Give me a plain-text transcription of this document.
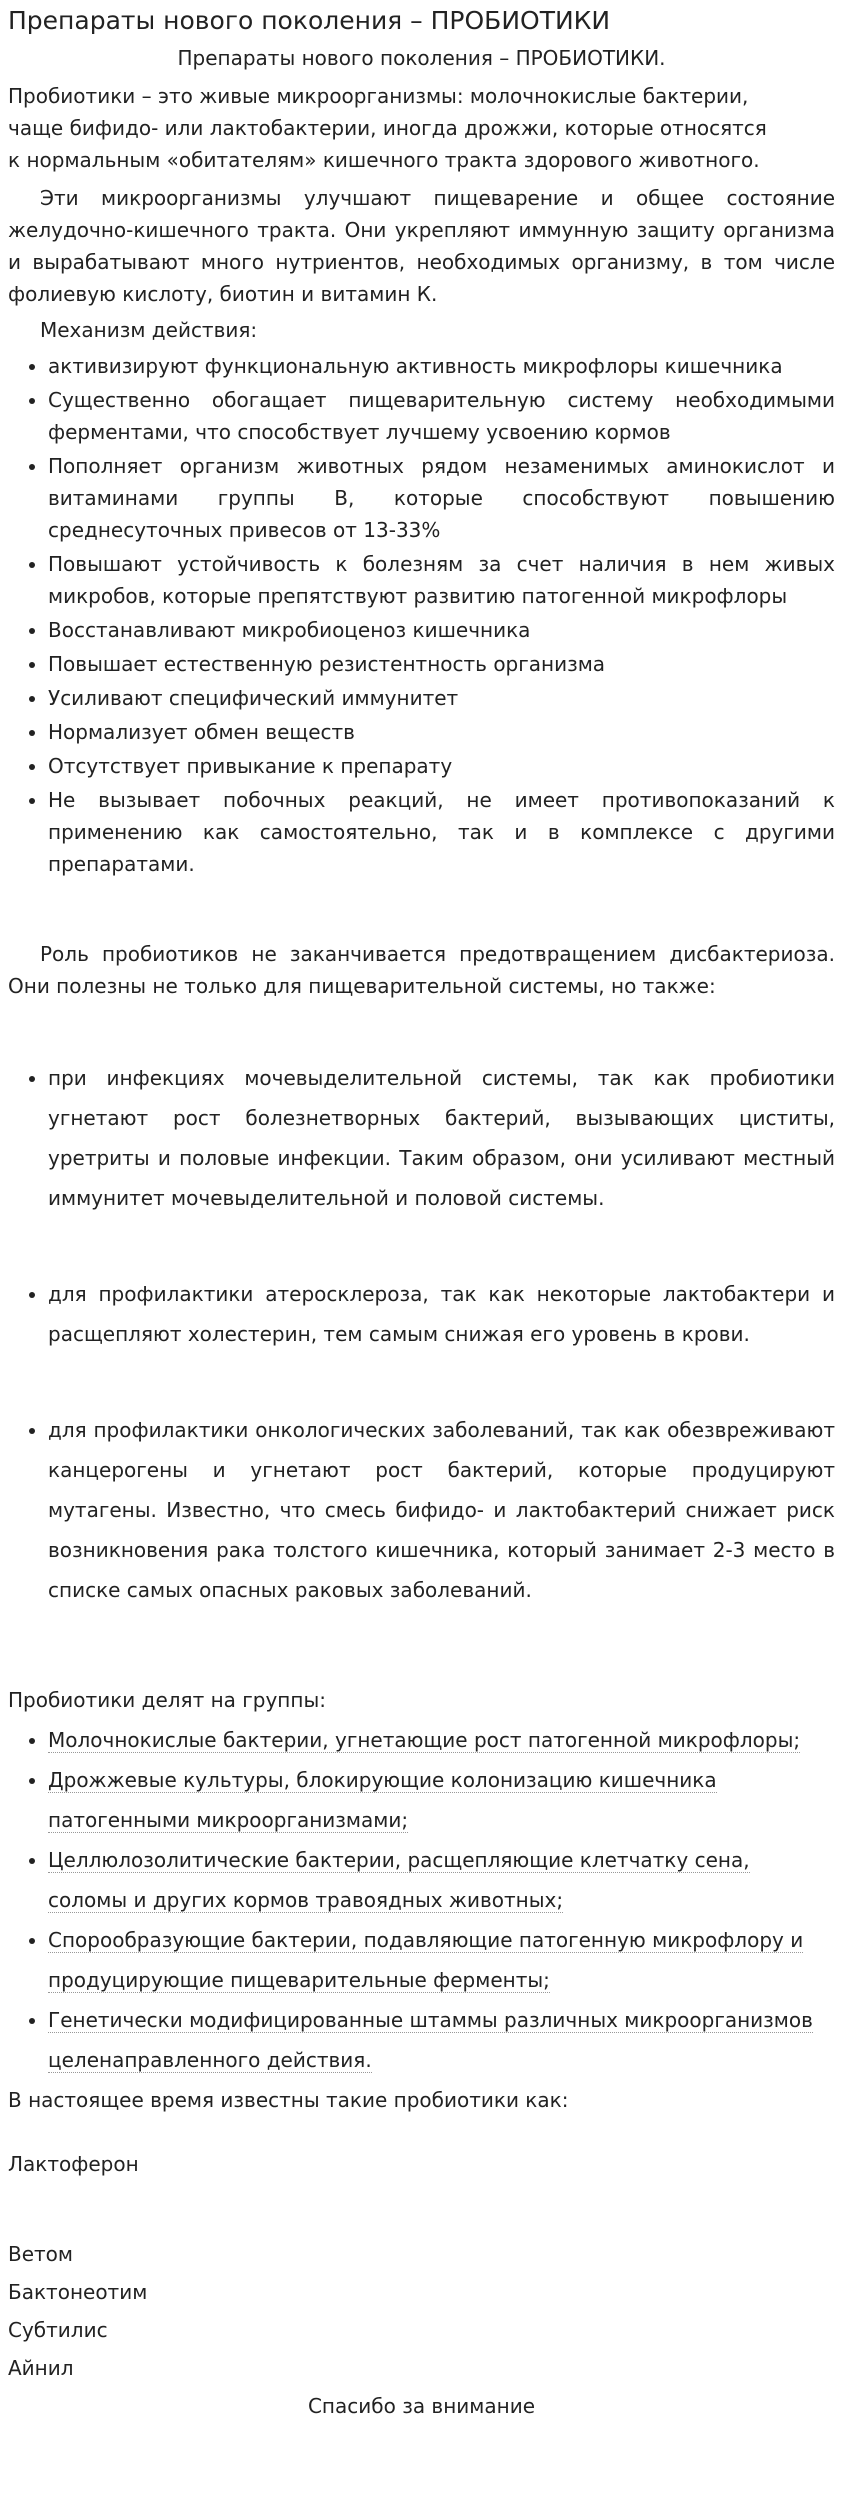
Препараты нового поколения – ПРОБИОТИКИ

Препараты нового поколения – ПРОБИОТИКИ.

Пробиотики – это живые микроорганизмы: молочнокислые бактерии,

чаще бифидо- или лактобактерии, иногда дрожжи, которые относятся

к нормальным «обитателям» кишечного тракта здорового животного.

Эти микроорганизмы улучшают пищеварение и общее состояние желудочно-кишечного тракта. Они укрепляют иммунную защиту организма и вырабатывают много нутриентов, необходимых организму, в том числе фолиевую кислоту, биотин и витамин К.

Механизм действия:

• активизируют функциональную активность микрофлоры кишечника
• Существенно обогащает пищеварительную систему необходимыми ферментами, что способствует лучшему усвоению кормов
• Пополняет организм животных рядом незаменимых аминокислот и витаминами группы В, которые способствуют повышению среднесуточных привесов от 13-33%
• Повышают устойчивость к болезням за счет наличия в нем живых микробов, которые препятствуют развитию патогенной микрофлоры
• Восстанавливают микробиоценоз кишечника
• Повышает естественную резистентность организма
• Усиливают специфический иммунитет
• Нормализует обмен веществ
• Отсутствует привыкание к препарату
• Не вызывает побочных реакций, не имеет противопоказаний к применению как самостоятельно, так и в комплексе с другими препаратами.

Роль пробиотиков не заканчивается предотвращением дисбактериоза. Они полезны не только для пищеварительной системы, но также:

• при инфекциях мочевыделительной системы, так как пробиотики угнетают рост болезнетворных бактерий, вызывающих циститы, уретриты и половые инфекции. Таким образом, они усиливают местный иммунитет мочевыделительной и половой системы.
• для профилактики атеросклероза, так как некоторые лактобактери и расщепляют холестерин, тем самым снижая его уровень в крови.
• для профилактики онкологических заболеваний, так как обезвреживают канцерогены и угнетают рост бактерий, которые продуцируют мутагены. Известно, что смесь бифидо- и лактобактерий снижает риск возникновения рака толстого кишечника, который занимает 2-3 место в списке самых опасных раковых заболеваний.

Пробиотики делят на группы:

• Молочнокислые бактерии, угнетающие рост патогенной микрофлоры;
• Дрожжевые культуры, блокирующие колонизацию кишечника патогенными микроорганизмами;
• Целлюлозолитические бактерии, расщепляющие клетчатку сена, соломы и других кормов травоядных животных;
• Спорообразующие бактерии, подавляющие патогенную микрофлору и продуцирующие пищеварительные ферменты;
• Генетически модифицированные штаммы различных микроорганизмов целенаправленного действия.

В настоящее время известны такие пробиотики как:

Лактоферон

Ветом

Бактонеотим

Субтилис

Айнил

Спасибо за внимание
